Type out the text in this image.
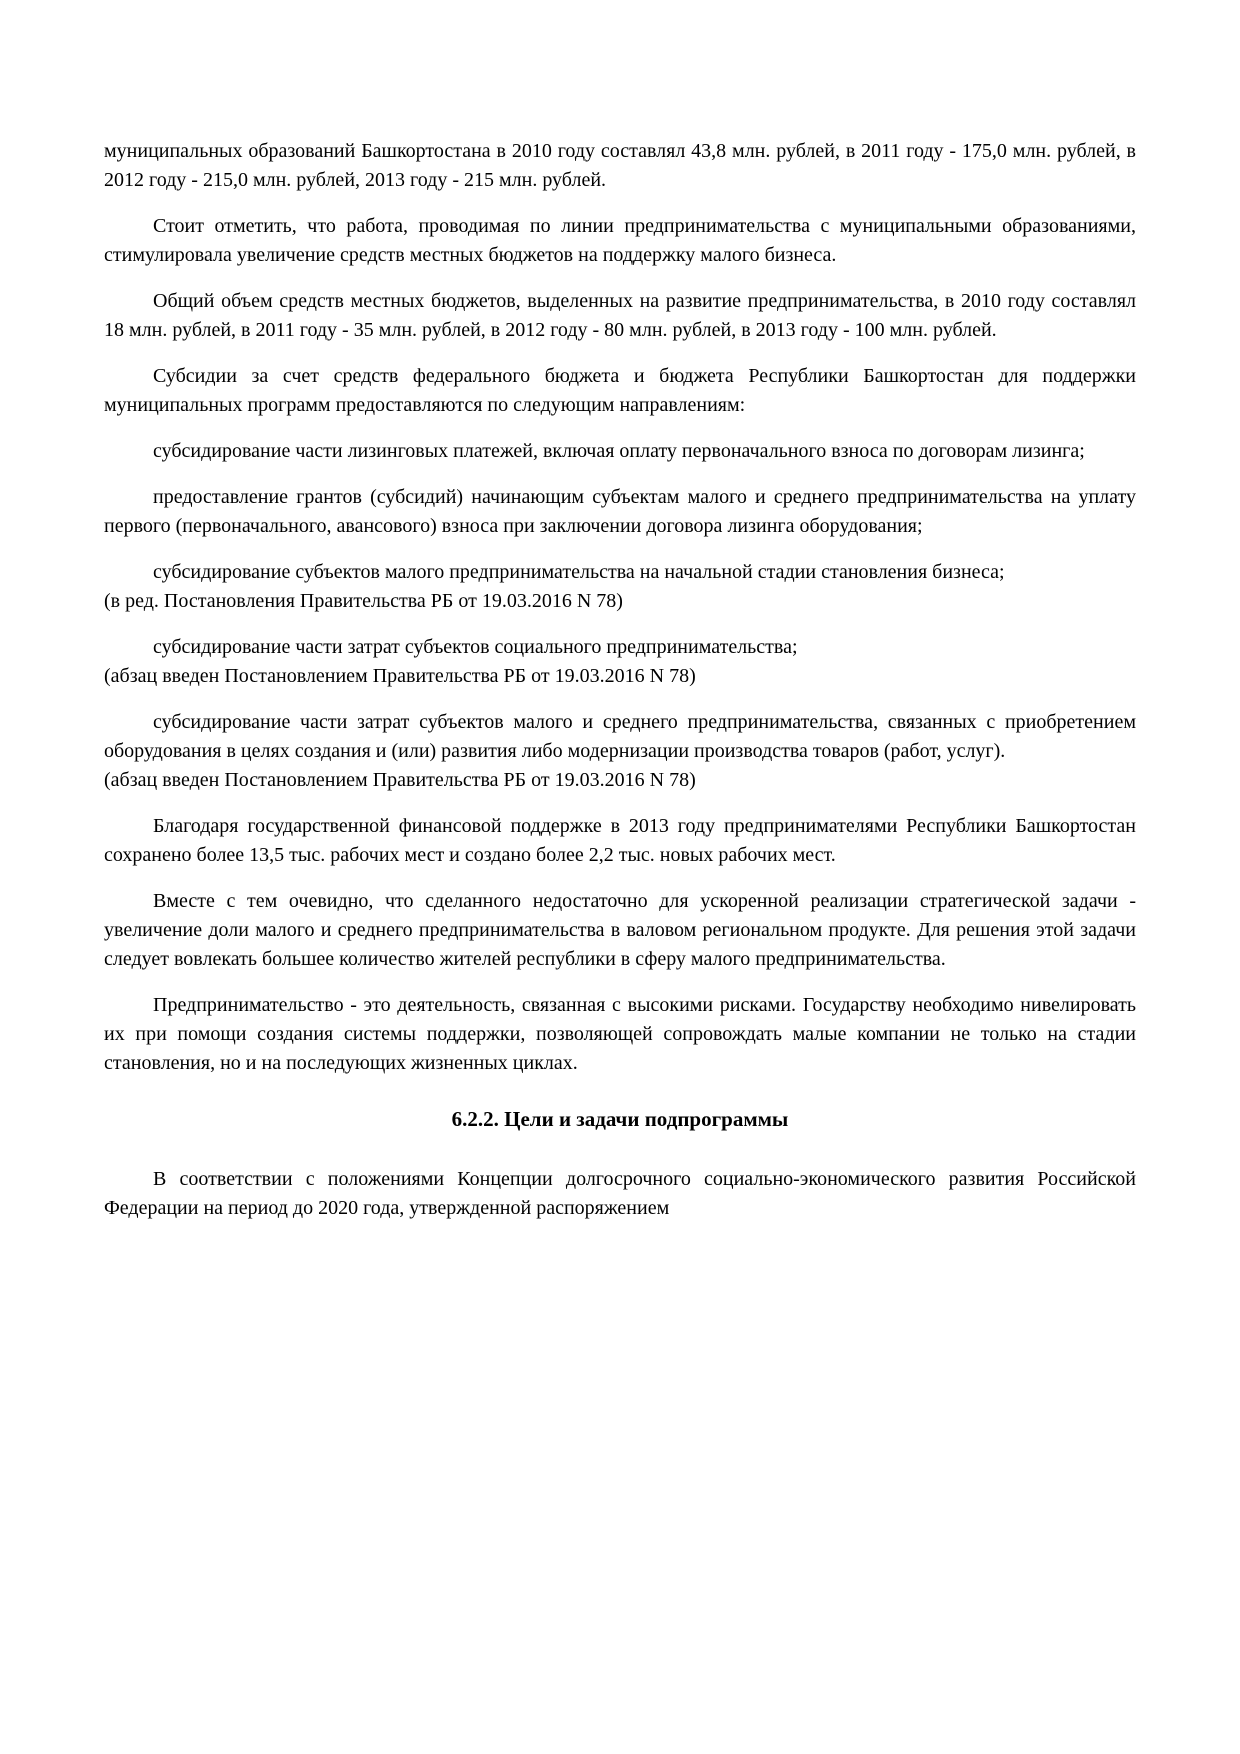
муниципальных образований Башкортостана в 2010 году составлял 43,8 млн. рублей, в 2011 году - 175,0 млн. рублей, в 2012 году - 215,0 млн. рублей, 2013 году - 215 млн. рублей.

Стоит отметить, что работа, проводимая по линии предпринимательства с муниципальными образованиями, стимулировала увеличение средств местных бюджетов на поддержку малого бизнеса.

Общий объем средств местных бюджетов, выделенных на развитие предпринимательства, в 2010 году составлял 18 млн. рублей, в 2011 году - 35 млн. рублей, в 2012 году - 80 млн. рублей, в 2013 году - 100 млн. рублей.

Субсидии за счет средств федерального бюджета и бюджета Республики Башкортостан для поддержки муниципальных программ предоставляются по следующим направлениям:

субсидирование части лизинговых платежей, включая оплату первоначального взноса по договорам лизинга;

предоставление грантов (субсидий) начинающим субъектам малого и среднего предпринимательства на уплату первого (первоначального, авансового) взноса при заключении договора лизинга оборудования;

субсидирование субъектов малого предпринимательства на начальной стадии становления бизнеса;

(в ред. Постановления Правительства РБ от 19.03.2016 N 78)

субсидирование части затрат субъектов социального предпринимательства;

(абзац введен Постановлением Правительства РБ от 19.03.2016 N 78)

субсидирование части затрат субъектов малого и среднего предпринимательства, связанных с приобретением оборудования в целях создания и (или) развития либо модернизации производства товаров (работ, услуг).

(абзац введен Постановлением Правительства РБ от 19.03.2016 N 78)

Благодаря государственной финансовой поддержке в 2013 году предпринимателями Республики Башкортостан сохранено более 13,5 тыс. рабочих мест и создано более 2,2 тыс. новых рабочих мест.

Вместе с тем очевидно, что сделанного недостаточно для ускоренной реализации стратегической задачи - увеличение доли малого и среднего предпринимательства в валовом региональном продукте. Для решения этой задачи следует вовлекать большее количество жителей республики в сферу малого предпринимательства.

Предпринимательство - это деятельность, связанная с высокими рисками. Государству необходимо нивелировать их при помощи создания системы поддержки, позволяющей сопровождать малые компании не только на стадии становления, но и на последующих жизненных циклах.

6.2.2. Цели и задачи подпрограммы

В соответствии с положениями Концепции долгосрочного социально-экономического развития Российской Федерации на период до 2020 года, утвержденной распоряжением
